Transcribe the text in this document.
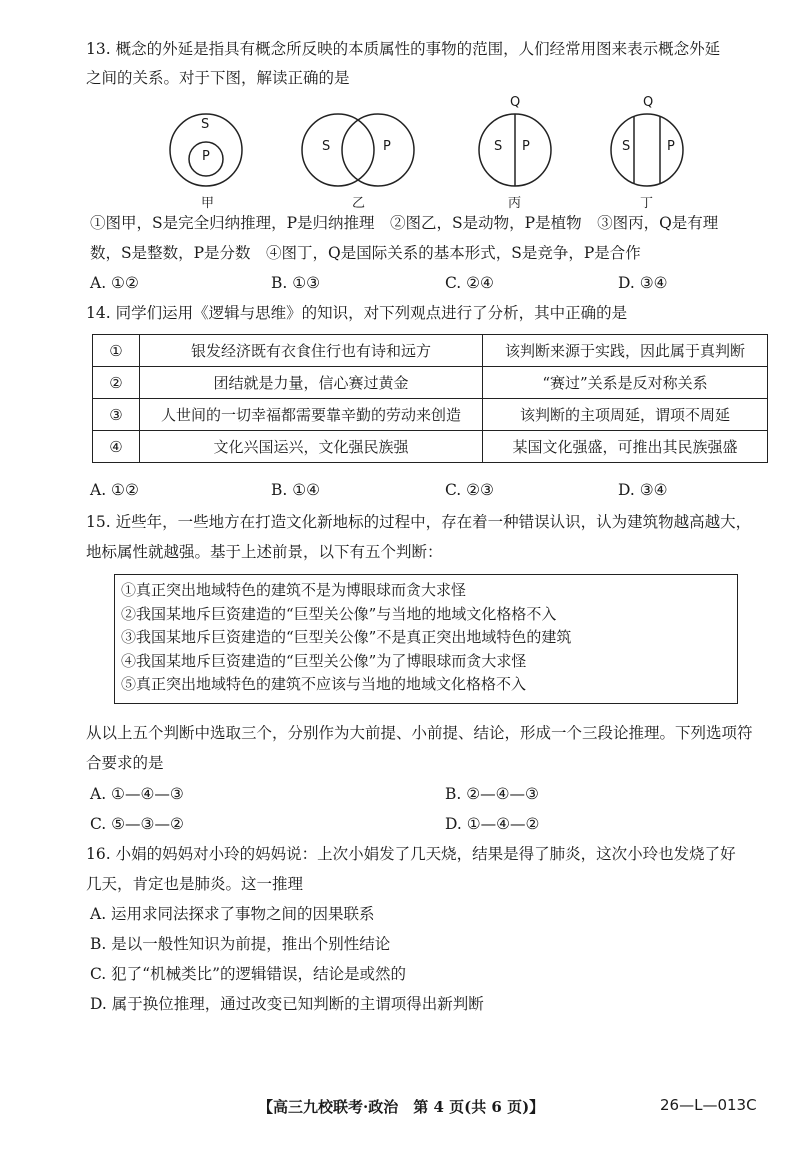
13. 概念的外延是指具有概念所反映的本质属性的事物的范围，人们经常用图来表示概念外延
之间的关系。对于下图，解读正确的是
S
P
甲
S	P
乙
Q
S P
丙
Q
S	P
丁
①图甲，S是完全归纳推理，P是归纳推理　②图乙，S是动物，P是植物　③图丙，Q是有理
数，S是整数，P是分数　④图丁，Q是国际关系的基本形式，S是竞争，P是合作
A. ①②	B. ①③	C. ②④	D. ③④
14. 同学们运用《逻辑与思维》的知识，对下列观点进行了分析，其中正确的是
①	银发经济既有衣食住行也有诗和远方	该判断来源于实践，因此属于真判断
②	团结就是力量，信心赛过黄金	“赛过”关系是反对称关系
③	人世间的一切幸福都需要靠辛勤的劳动来创造	该判断的主项周延，谓项不周延
④	文化兴国运兴，文化强民族强	某国文化强盛，可推出其民族强盛
A. ①②	B. ①④	C. ②③	D. ③④
15. 近些年，一些地方在打造文化新地标的过程中，存在着一种错误认识，认为建筑物越高越大，
地标属性就越强。基于上述前景，以下有五个判断：
①真正突出地域特色的建筑不是为博眼球而贪大求怪
②我国某地斥巨资建造的“巨型关公像”与当地的地域文化格格不入
③我国某地斥巨资建造的“巨型关公像”不是真正突出地域特色的建筑
④我国某地斥巨资建造的“巨型关公像”为了博眼球而贪大求怪
⑤真正突出地域特色的建筑不应该与当地的地域文化格格不入
从以上五个判断中选取三个，分别作为大前提、小前提、结论，形成一个三段论推理。下列选项符
合要求的是
A. ①—④—③	B. ②—④—③
C. ⑤—③—②	D. ①—④—②
16. 小娟的妈妈对小玲的妈妈说：上次小娟发了几天烧，结果是得了肺炎，这次小玲也发烧了好
几天，肯定也是肺炎。这一推理
A. 运用求同法探求了事物之间的因果联系
B. 是以一般性知识为前提，推出个别性结论
C. 犯了“机械类比”的逻辑错误，结论是或然的
D. 属于换位推理，通过改变已知判断的主谓项得出新判断
【高三九校联考·政治　第 4 页(共 6 页)】	26—L—013C
